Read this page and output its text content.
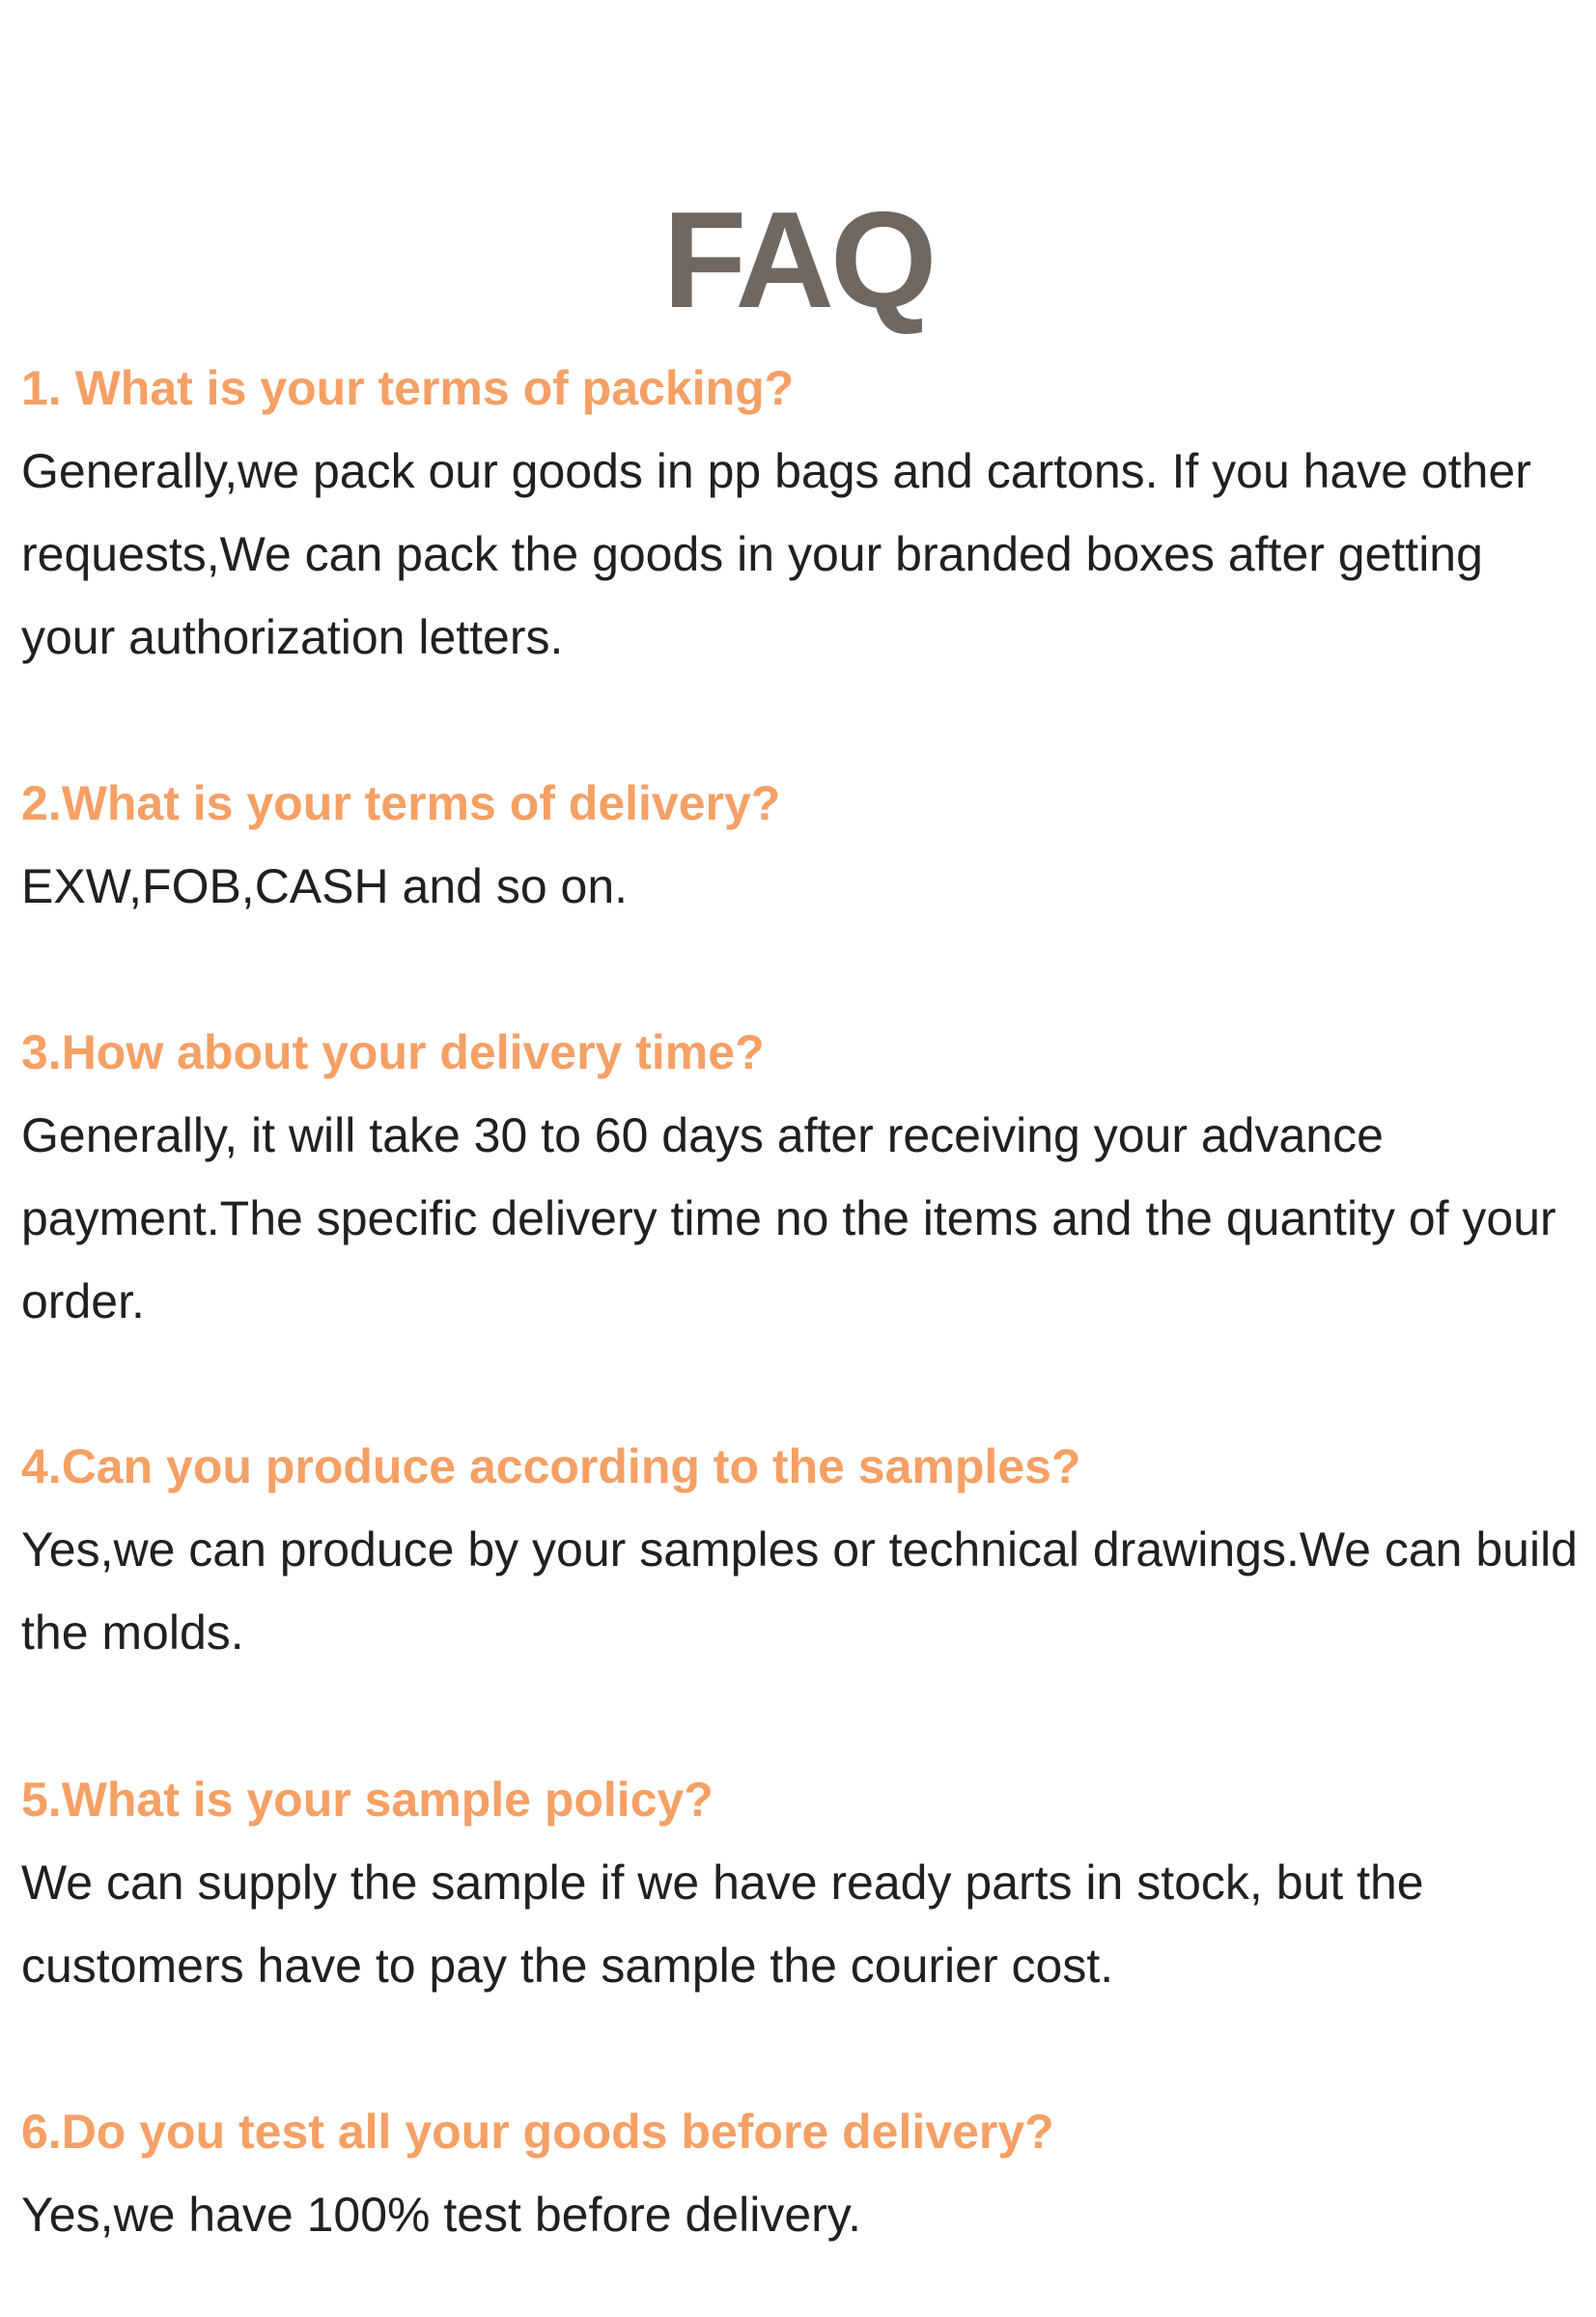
FAQ

1. What is your terms of packing?

Generally,we pack our goods in pp bags and cartons. If you have other requests,We can pack the goods in your branded boxes after getting your authorization letters.

2.What is your terms of delivery?

EXW,FOB,CASH and so on.

3.How about your delivery time?

Generally, it will take 30 to 60 days after receiving your advance payment.The specific delivery time no the items and the quantity of your order.

4.Can you produce according to the samples?

Yes,we can produce by your samples or technical drawings.We can build the molds.

5.What is your sample policy?

We can supply the sample if we have ready parts in stock, but the customers have to pay the sample the courier cost.

6.Do you test all your goods before delivery?

Yes,we have 100% test before delivery.
